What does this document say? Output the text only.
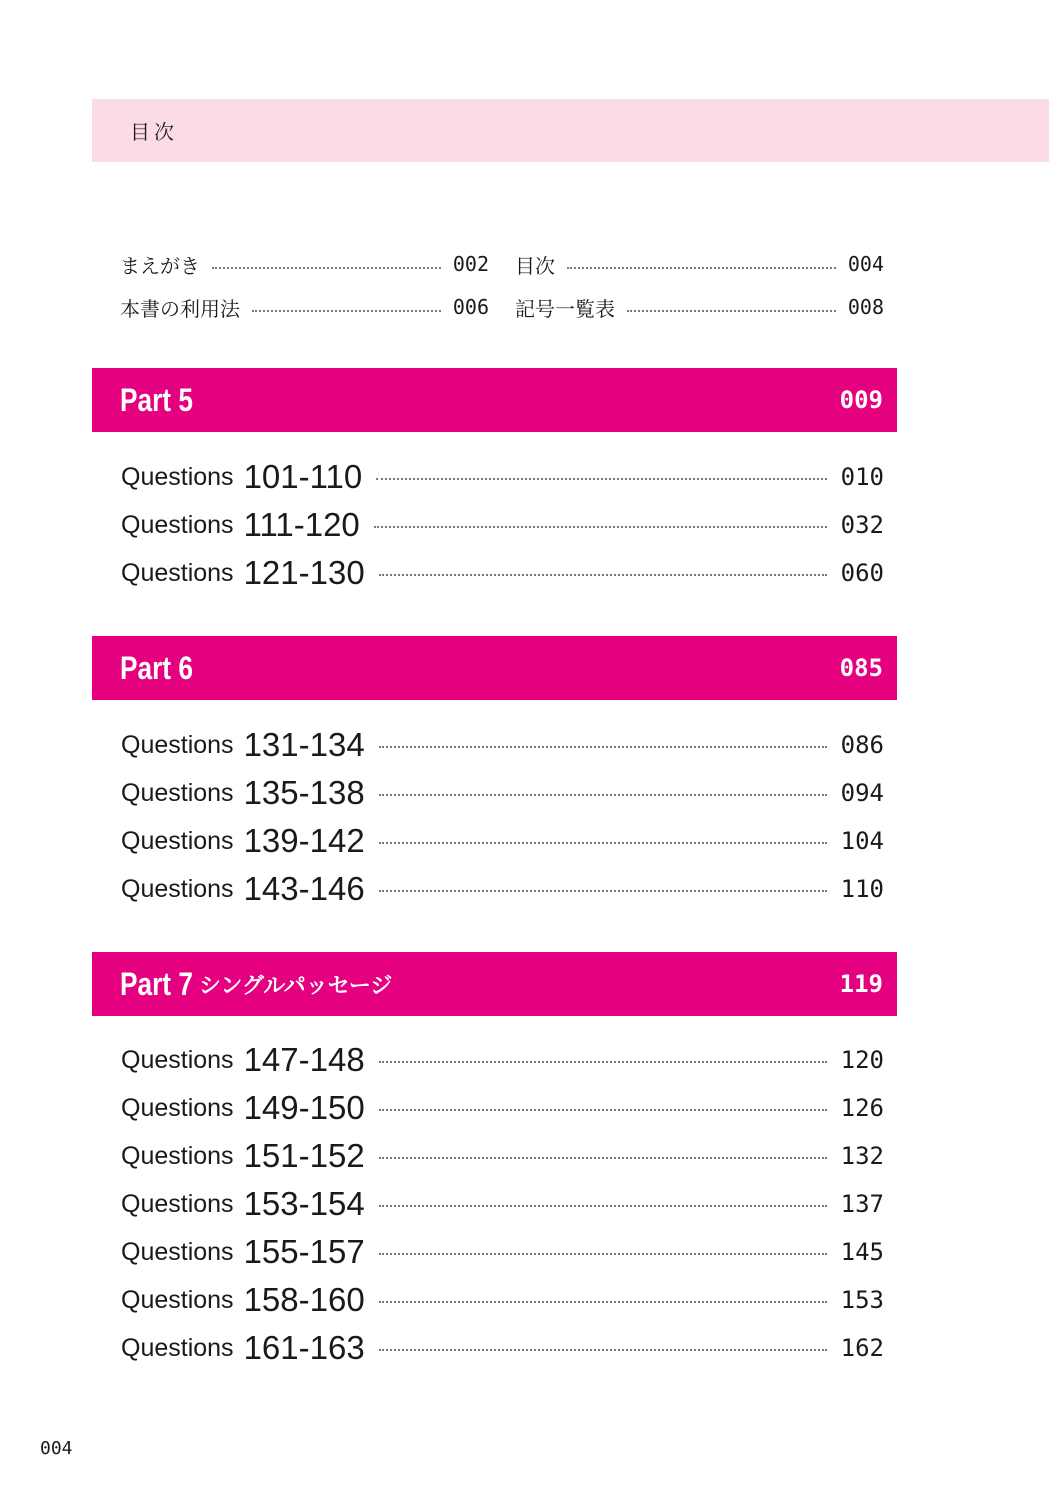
目次
まえがき	002 目次	004
本書の利用法	006 記号一覧表	008
Part 5	009
Questions 101-110	010
Questions 111-120	032
Questions 121-130	060
Part 6	085
Questions 131-134	086
Questions 135-138	094
Questions 139-142	104
Questions 143-146	110
Part 7 シングルパッセージ	119
Questions 147-148	120
Questions 149-150	126
Questions 151-152	132
Questions 153-154	137
Questions 155-157	145
Questions 158-160	153
Questions 161-163	162
004
